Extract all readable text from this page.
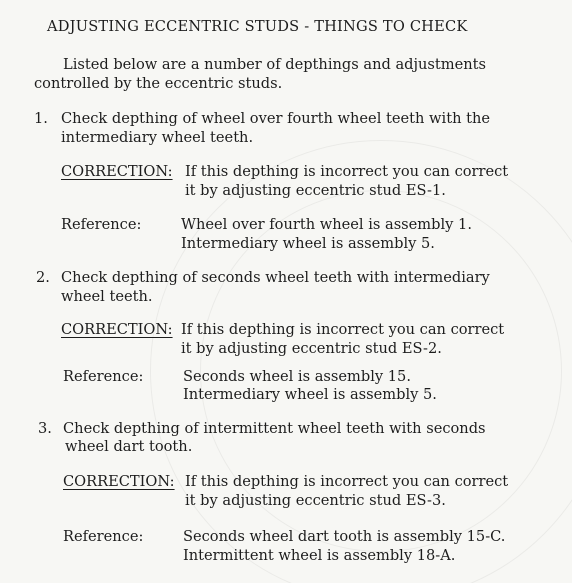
ADJUSTING ECCENTRIC STUDS - THINGS TO CHECK
Listed below are a number of depthings and adjustments
controlled by the eccentric studs.
1. Check depthing of wheel over fourth wheel teeth with the
intermediary wheel teeth.
CORRECTION: If this depthing is incorrect you can correct
it by adjusting eccentric stud ES-1.
Reference:	Wheel over fourth wheel is assembly 1.
Intermediary wheel is assembly 5.
2. Check depthing of seconds wheel teeth with intermediary
wheel teeth.
CORRECTION: If this depthing is incorrect you can correct
it by adjusting eccentric stud ES-2.
Reference:	Seconds wheel is assembly 15.
Intermediary wheel is assembly 5.
3. Check depthing of intermittent wheel teeth with seconds
wheel dart tooth.
CORRECTION: If this depthing is incorrect you can correct
it by adjusting eccentric stud ES-3.
Reference:	Seconds wheel dart tooth is assembly 15-C.
Intermittent wheel is assembly 18-A.
